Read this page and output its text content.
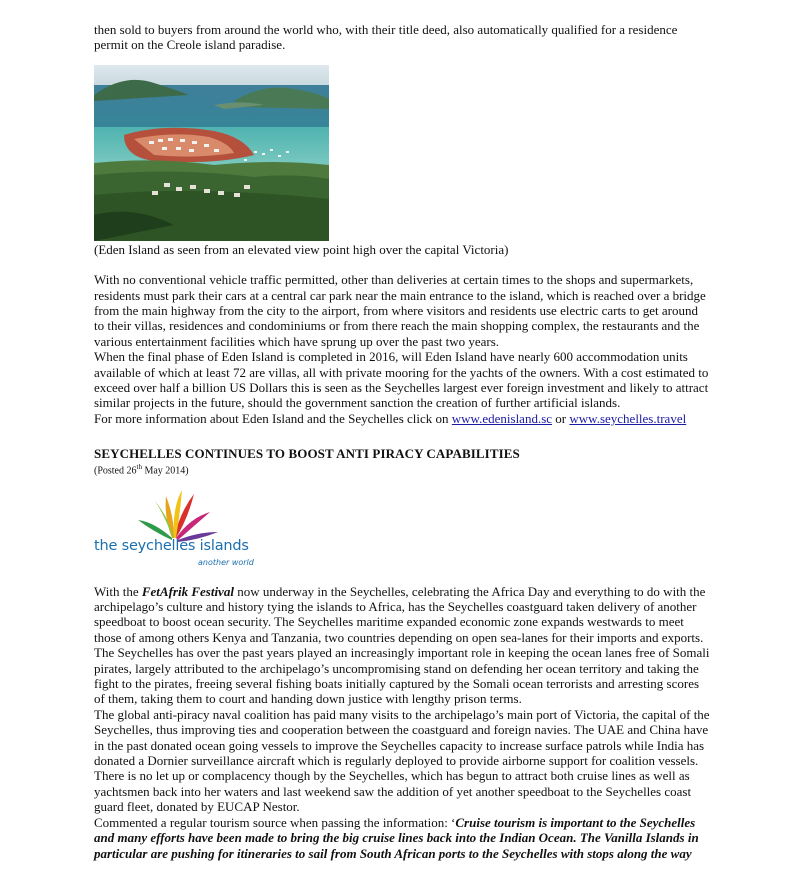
then sold to buyers from around the world who, with their title deed, also automatically qualified for a residence permit on the Creole island paradise.

(Eden Island as seen from an elevated view point high over the capital Victoria)

With no conventional vehicle traffic permitted, other than deliveries at certain times to the shops and supermarkets, residents must park their cars at a central car park near the main entrance to the island, which is reached over a bridge from the main highway from the city to the airport, from where visitors and residents use electric carts to get around to their villas, residences and condominiums or from there reach the main shopping complex, the restaurants and the various entertainment facilities which have sprung up over the past two years.

When the final phase of Eden Island is completed in 2016, will Eden Island have nearly 600 accommodation units available of which at least 72 are villas, all with private mooring for the yachts of the owners. With a cost estimated to exceed over half a billion US Dollars this is seen as the Seychelles largest ever foreign investment and likely to attract similar projects in the future, should the government sanction the creation of further artificial islands.

For more information about Eden Island and the Seychelles click on www.edenisland.sc or www.seychelles.travel

SEYCHELLES CONTINUES TO BOOST ANTI PIRACY CAPABILITIES

(Posted 26th May 2014)

the seychelles islands
another world

With the FetAfrik Festival now underway in the Seychelles, celebrating the Africa Day and everything to do with the archipelago’s culture and history tying the islands to Africa, has the Seychelles coastguard taken delivery of another speedboat to boost ocean security. The Seychelles maritime expanded economic zone expands westwards to meet those of among others Kenya and Tanzania, two countries depending on open sea-lanes for their imports and exports. The Seychelles has over the past years played an increasingly important role in keeping the ocean lanes free of Somali pirates, largely attributed to the archipelago’s uncompromising stand on defending her ocean territory and taking the fight to the pirates, freeing several fishing boats initially captured by the Somali ocean terrorists and arresting scores of them, taking them to court and handing down justice with lengthy prison terms.

The global anti-piracy naval coalition has paid many visits to the archipelago’s main port of Victoria, the capital of the Seychelles, thus improving ties and cooperation between the coastguard and foreign navies. The UAE and China have in the past donated ocean going vessels to improve the Seychelles capacity to increase surface patrols while India has donated a Dornier surveillance aircraft which is regularly deployed to provide airborne support for coalition vessels.

There is no let up or complacency though by the Seychelles, which has begun to attract both cruise lines as well as yachtsmen back into her waters and last weekend saw the addition of yet another speedboat to the Seychelles coast guard fleet, donated by EUCAP Nestor.

Commented a regular tourism source when passing the information: ‘Cruise tourism is important to the Seychelles and many efforts have been made to bring the big cruise lines back into the Indian Ocean. The Vanilla Islands in particular are pushing for itineraries to sail from South African ports to the Seychelles with stops along the way
